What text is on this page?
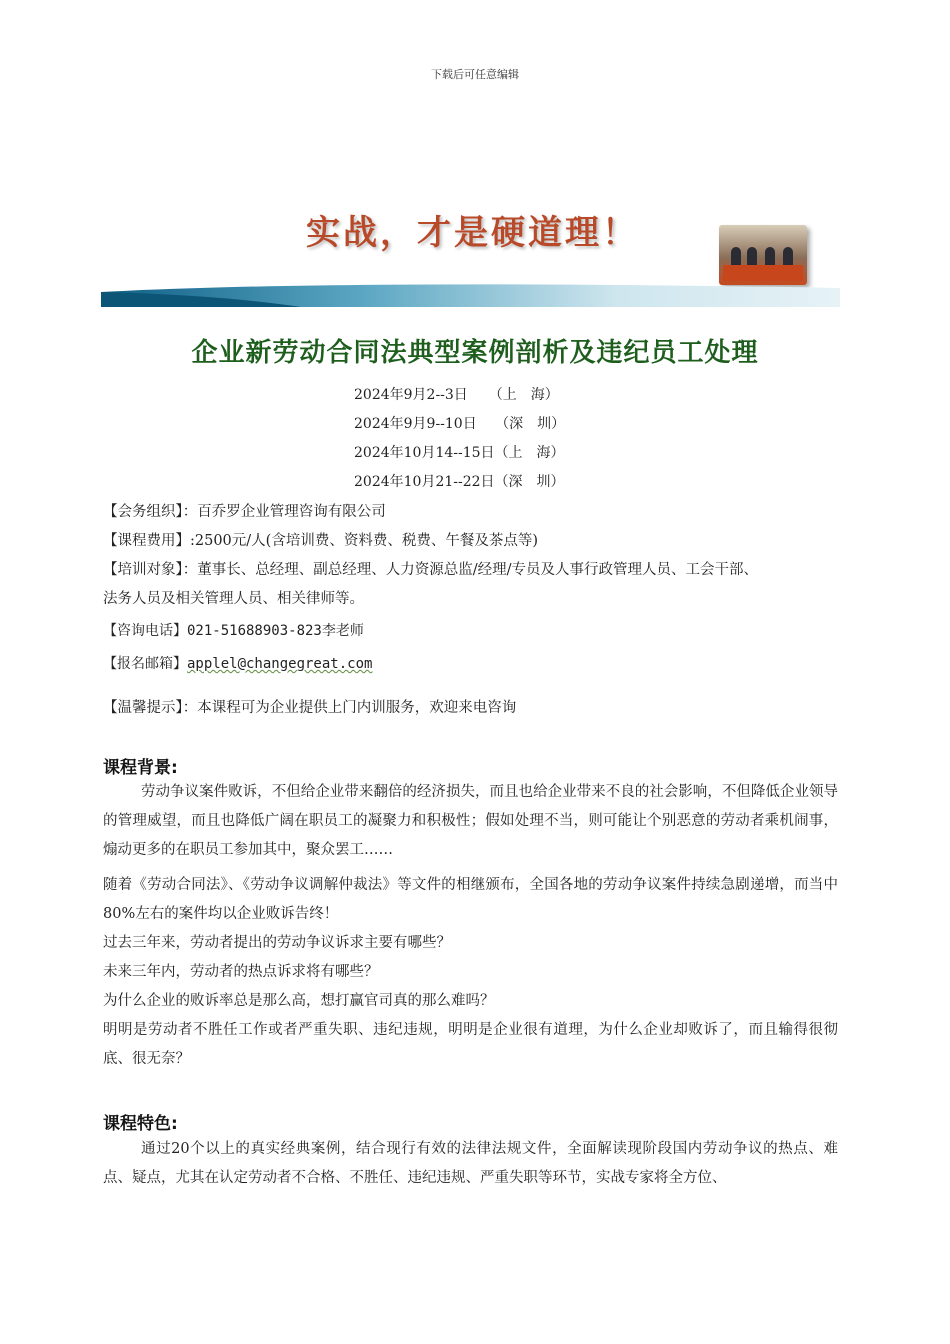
下载后可任意编辑
实战，才是硬道理！
企业新劳动合同法典型案例剖析及违纪员工处理
2024年9月2--3日　　（上　海）
2024年9月9--10日　 （深　圳）
2024年10月14--15日（上　海）
2024年10月21--22日（深　圳）
【会务组织】：百乔罗企业管理咨询有限公司
【课程费用】:2500元/人(含培训费、资料费、税费、午餐及茶点等)
【培训对象】：董事长、总经理、副总经理、人力资源总监/经理/专员及人事行政管理人员、工会干部、
法务人员及相关管理人员、相关律师等。
【咨询电话】021-51688903-823李老师
【报名邮箱】applel@changegreat.com
【温馨提示】：本课程可为企业提供上门内训服务，欢迎来电咨询
课程背景:
劳动争议案件败诉，不但给企业带来翻倍的经济损失，而且也给企业带来不良的社会影响，不但降低企业领导的管理威望，而且也降低广阔在职员工的凝聚力和积极性；假如处理不当，则可能让个别恶意的劳动者乘机闹事，煽动更多的在职员工参加其中，聚众罢工……
随着《劳动合同法》、《劳动争议调解仲裁法》等文件的相继颁布，全国各地的劳动争议案件持续急剧递增，而当中80%左右的案件均以企业败诉告终！
过去三年来，劳动者提出的劳动争议诉求主要有哪些？
未来三年内，劳动者的热点诉求将有哪些？
为什么企业的败诉率总是那么高，想打赢官司真的那么难吗？
明明是劳动者不胜任工作或者严重失职、违纪违规，明明是企业很有道理，为什么企业却败诉了，而且输得很彻底、很无奈？
课程特色:
通过20个以上的真实经典案例，结合现行有效的法律法规文件，全面解读现阶段国内劳动争议的热点、难点、疑点，尤其在认定劳动者不合格、不胜任、违纪违规、严重失职等环节，实战专家将全方位、
